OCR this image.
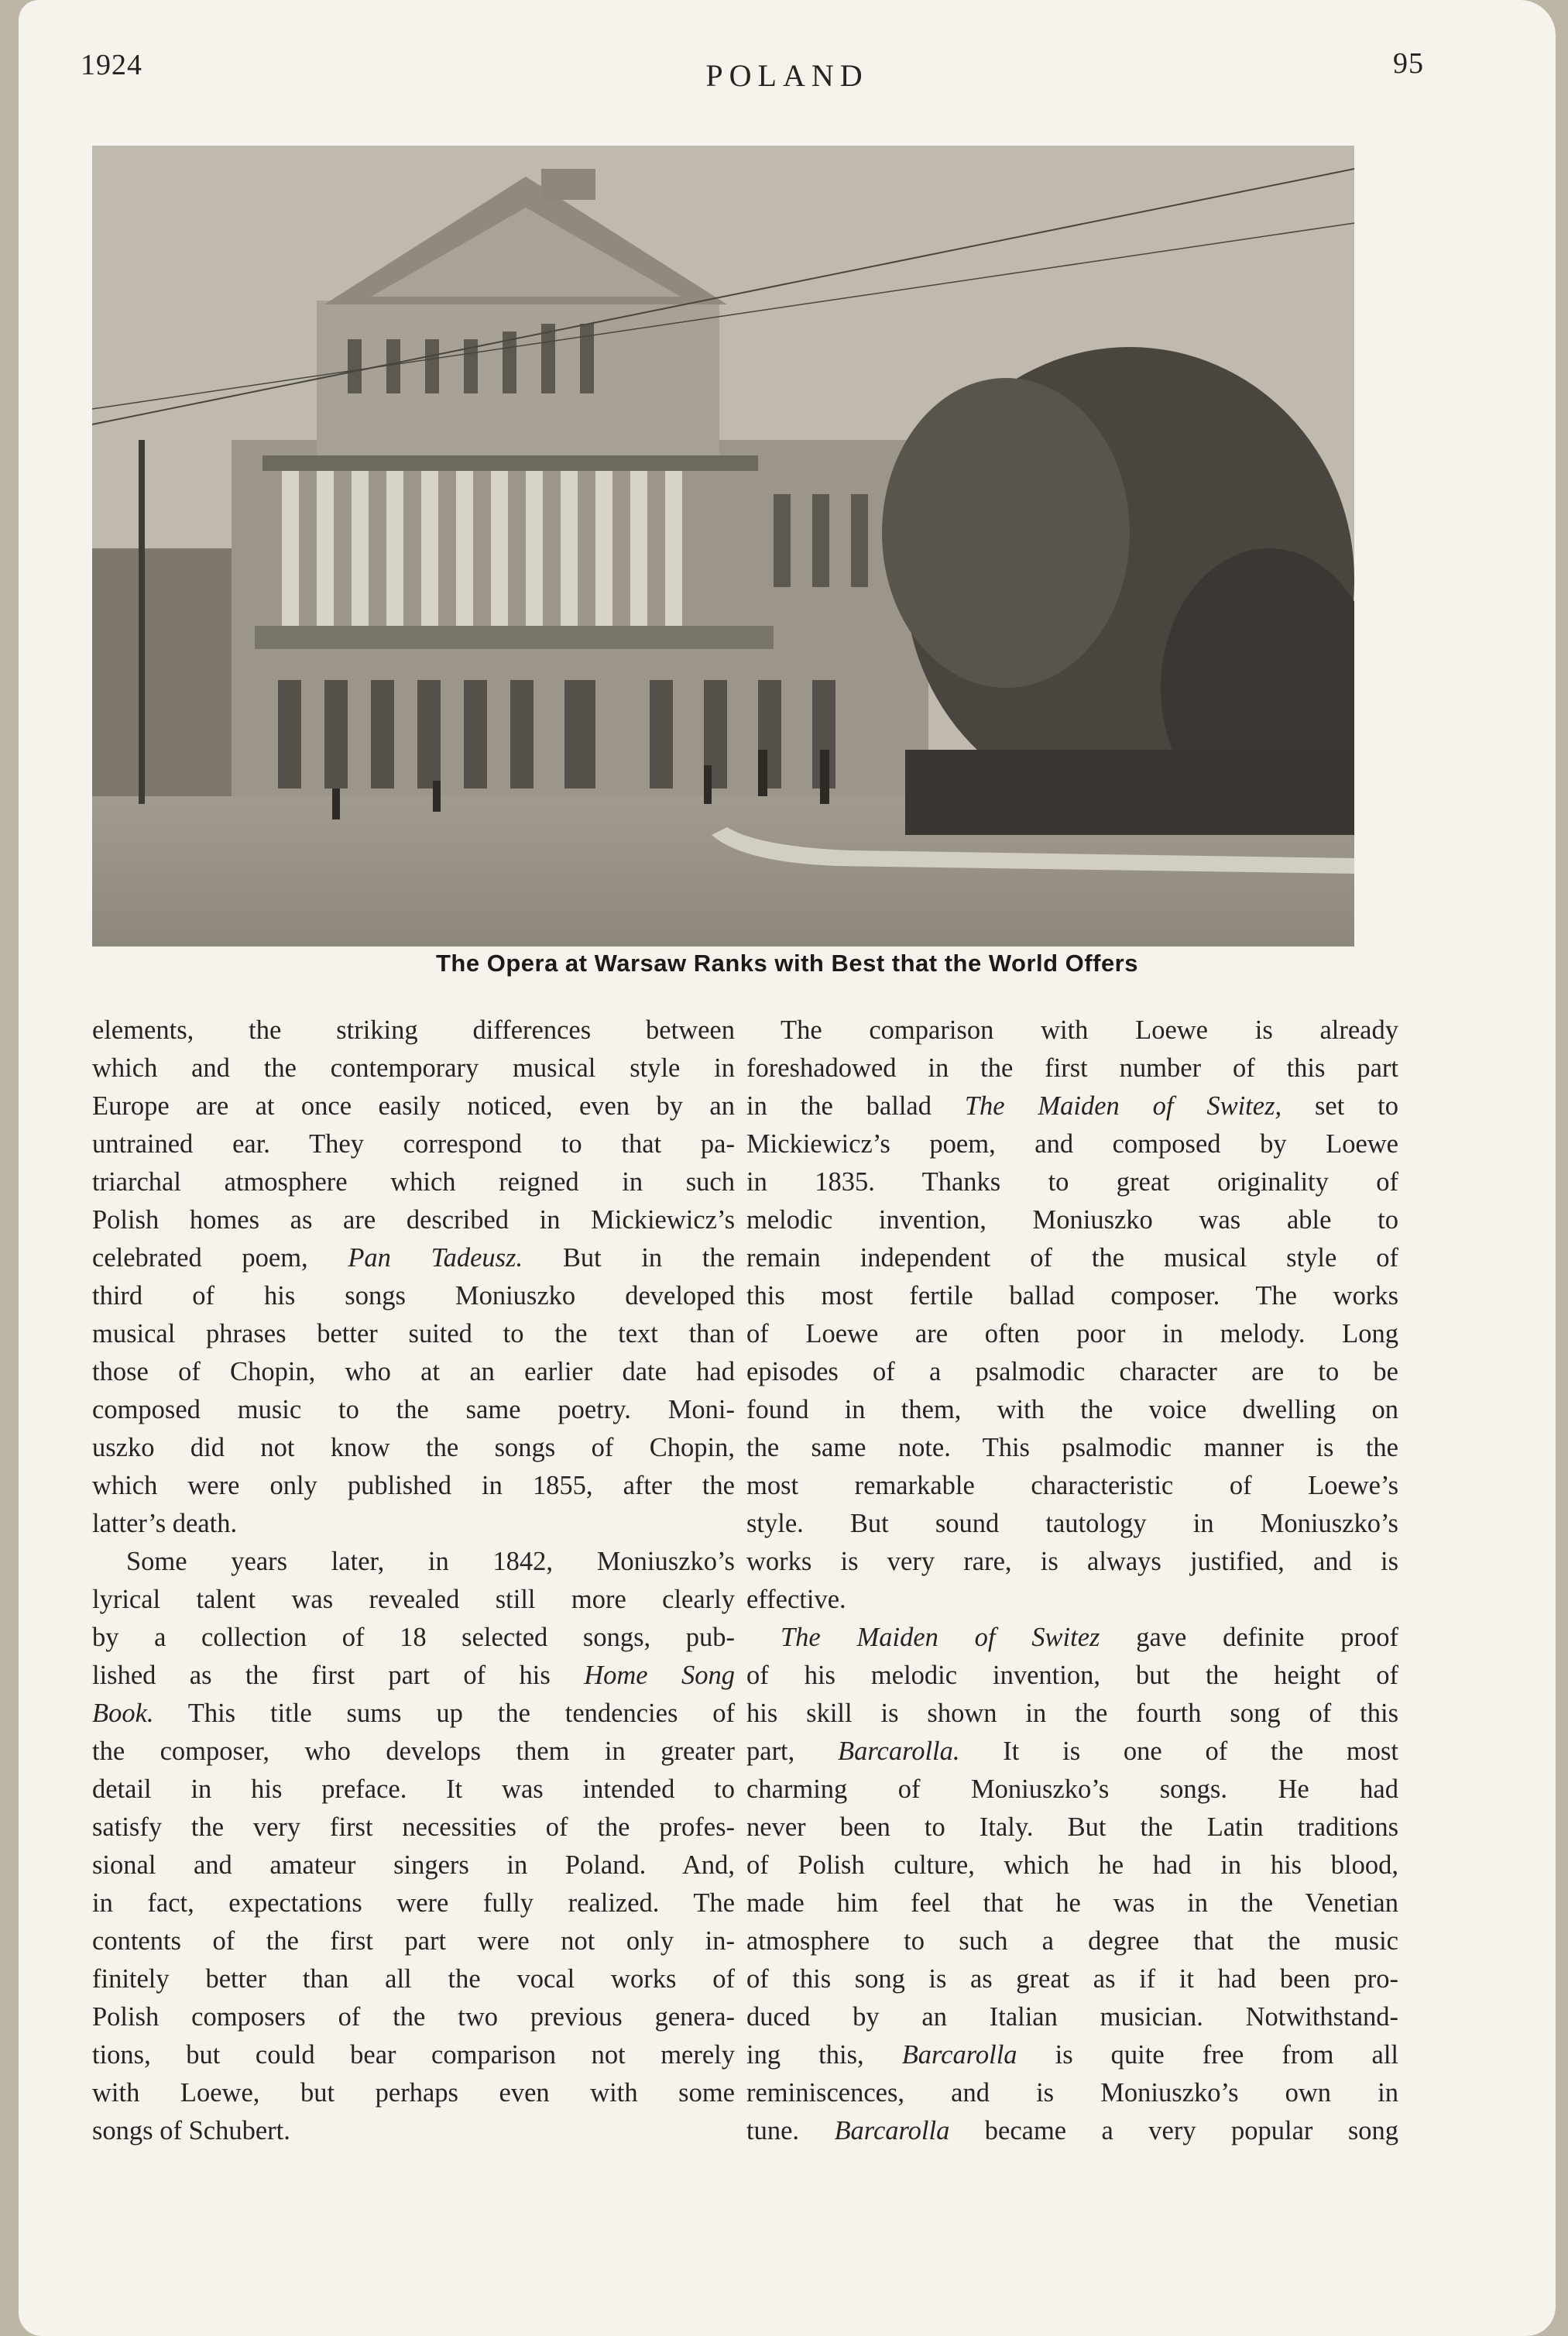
1924	POLAND	95
The Opera at Warsaw Ranks with Best that the World Offers
elements, the striking differences between
which and the contemporary musical style in
Europe are at once easily noticed, even by an
untrained ear. They correspond to that pa-
triarchal atmosphere which reigned in such
Polish homes as are described in Mickiewicz’s
celebrated poem, Pan Tadeusz. But in the
third of his songs Moniuszko developed
musical phrases better suited to the text than
those of Chopin, who at an earlier date had
composed music to the same poetry. Moni-
uszko did not know the songs of Chopin,
which were only published in 1855, after the
latter’s death.
Some years later, in 1842, Moniuszko’s
lyrical talent was revealed still more clearly
by a collection of 18 selected songs, pub-
lished as the first part of his Home Song
Book. This title sums up the tendencies of
the composer, who develops them in greater
detail in his preface. It was intended to
satisfy the very first necessities of the profes-
sional and amateur singers in Poland. And,
in fact, expectations were fully realized. The
contents of the first part were not only in-
finitely better than all the vocal works of
Polish composers of the two previous genera-
tions, but could bear comparison not merely
with Loewe, but perhaps even with some
songs of Schubert.
The comparison with Loewe is already
foreshadowed in the first number of this part
in the ballad The Maiden of Switez, set to
Mickiewicz’s poem, and composed by Loewe
in 1835. Thanks to great originality of
melodic invention, Moniuszko was able to
remain independent of the musical style of
this most fertile ballad composer. The works
of Loewe are often poor in melody. Long
episodes of a psalmodic character are to be
found in them, with the voice dwelling on
the same note. This psalmodic manner is the
most remarkable characteristic of Loewe’s
style. But sound tautology in Moniuszko’s
works is very rare, is always justified, and is
effective.
The Maiden of Switez gave definite proof
of his melodic invention, but the height of
his skill is shown in the fourth song of this
part, Barcarolla. It is one of the most
charming of Moniuszko’s songs. He had
never been to Italy. But the Latin traditions
of Polish culture, which he had in his blood,
made him feel that he was in the Venetian
atmosphere to such a degree that the music
of this song is as great as if it had been pro-
duced by an Italian musician. Notwithstand-
ing this, Barcarolla is quite free from all
reminiscences, and is Moniuszko’s own in
tune. Barcarolla became a very popular song
